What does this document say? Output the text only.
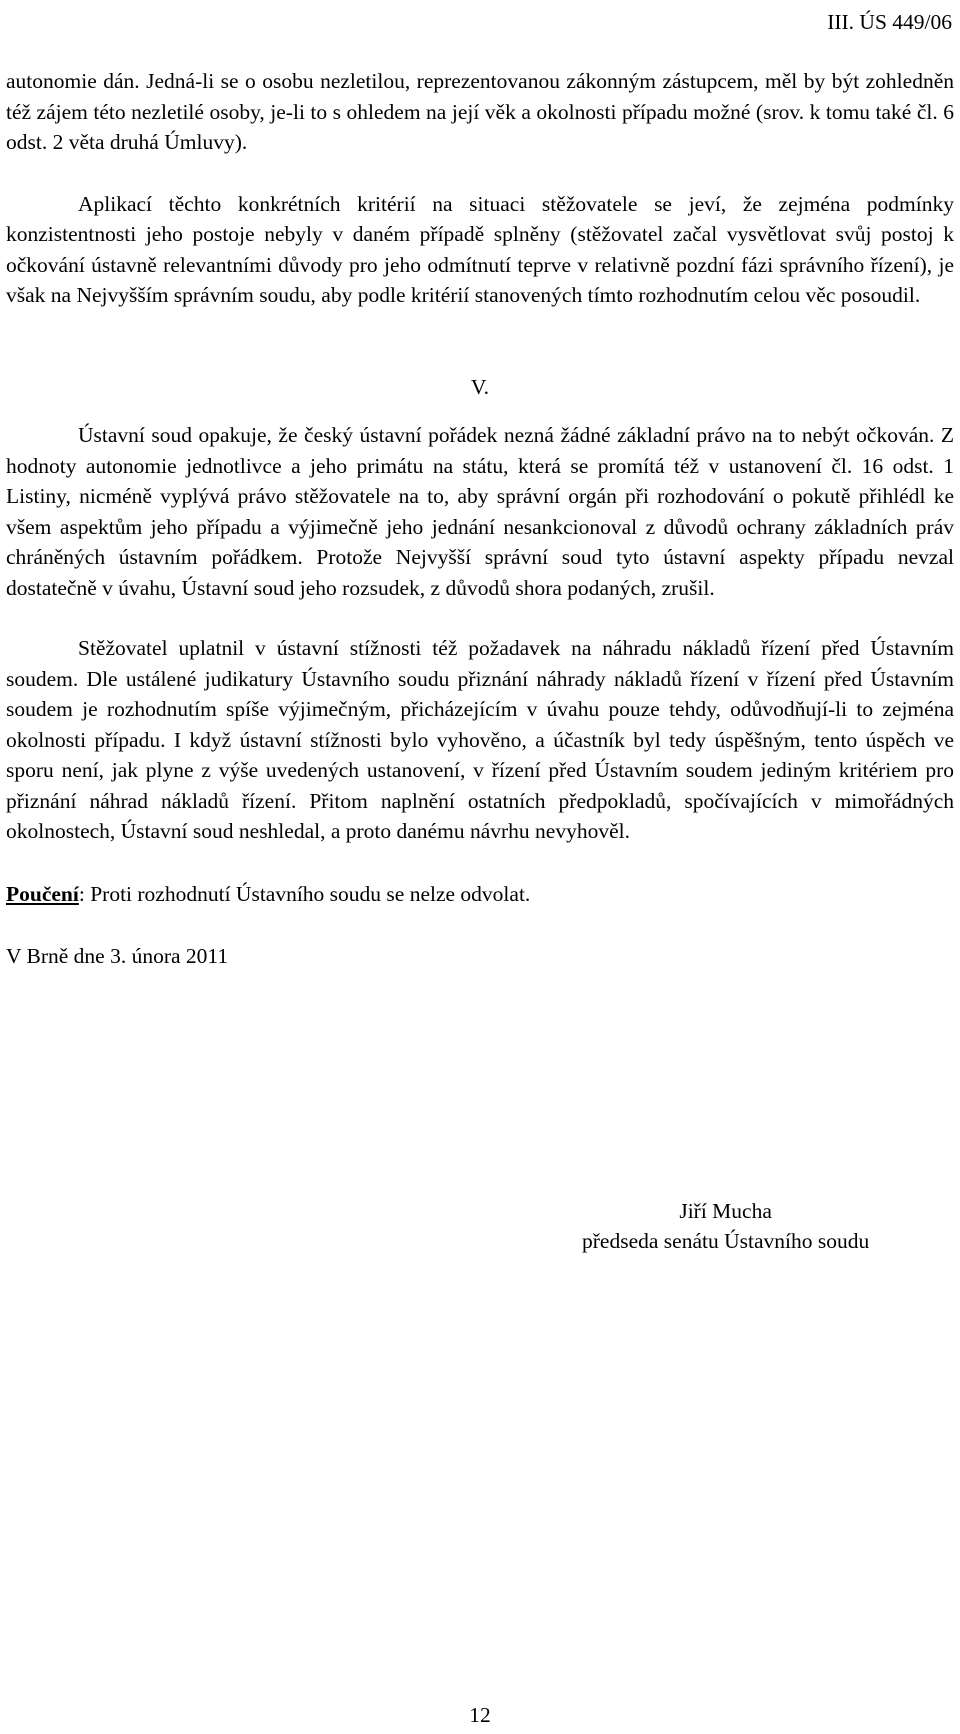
III. ÚS 449/06

autonomie dán. Jedná-li se o osobu nezletilou, reprezentovanou zákonným zástupcem, měl by být zohledněn též zájem této nezletilé osoby, je-li to s ohledem na její věk a okolnosti případu možné (srov. k tomu také čl. 6 odst. 2 věta druhá Úmluvy).

Aplikací těchto konkrétních kritérií na situaci stěžovatele se jeví, že zejména podmínky konzistentnosti jeho postoje nebyly v daném případě splněny (stěžovatel začal vysvětlovat svůj postoj k očkování ústavně relevantními důvody pro jeho odmítnutí teprve v relativně pozdní fázi správního řízení), je však na Nejvyšším správním soudu, aby podle kritérií stanovených tímto rozhodnutím celou věc posoudil.

V.

Ústavní soud opakuje, že český ústavní pořádek nezná žádné základní právo na to nebýt očkován. Z hodnoty autonomie jednotlivce a jeho primátu na státu, která se promítá též v ustanovení čl. 16 odst. 1 Listiny, nicméně vyplývá právo stěžovatele na to, aby správní orgán při rozhodování o pokutě přihlédl ke všem aspektům jeho případu a výjimečně jeho jednání nesankcionoval z důvodů ochrany základních práv chráněných ústavním pořádkem. Protože Nejvyšší správní soud tyto ústavní aspekty případu nevzal dostatečně v úvahu, Ústavní soud jeho rozsudek, z důvodů shora podaných, zrušil.

Stěžovatel uplatnil v ústavní stížnosti též požadavek na náhradu nákladů řízení před Ústavním soudem. Dle ustálené judikatury Ústavního soudu přiznání náhrady nákladů řízení v řízení před Ústavním soudem je rozhodnutím spíše výjimečným, přicházejícím v úvahu pouze tehdy, odůvodňují-li to zejména okolnosti případu. I když ústavní stížnosti bylo vyhověno, a účastník byl tedy úspěšným, tento úspěch ve sporu není, jak plyne z výše uvedených ustanovení, v řízení před Ústavním soudem jediným kritériem pro přiznání náhrad nákladů řízení. Přitom naplnění ostatních předpokladů, spočívajících v mimořádných okolnostech, Ústavní soud neshledal, a proto danému návrhu nevyhověl.

Poučení: Proti rozhodnutí Ústavního soudu se nelze odvolat.

V Brně dne 3. února 2011

Jiří Mucha
předseda senátu Ústavního soudu
12
